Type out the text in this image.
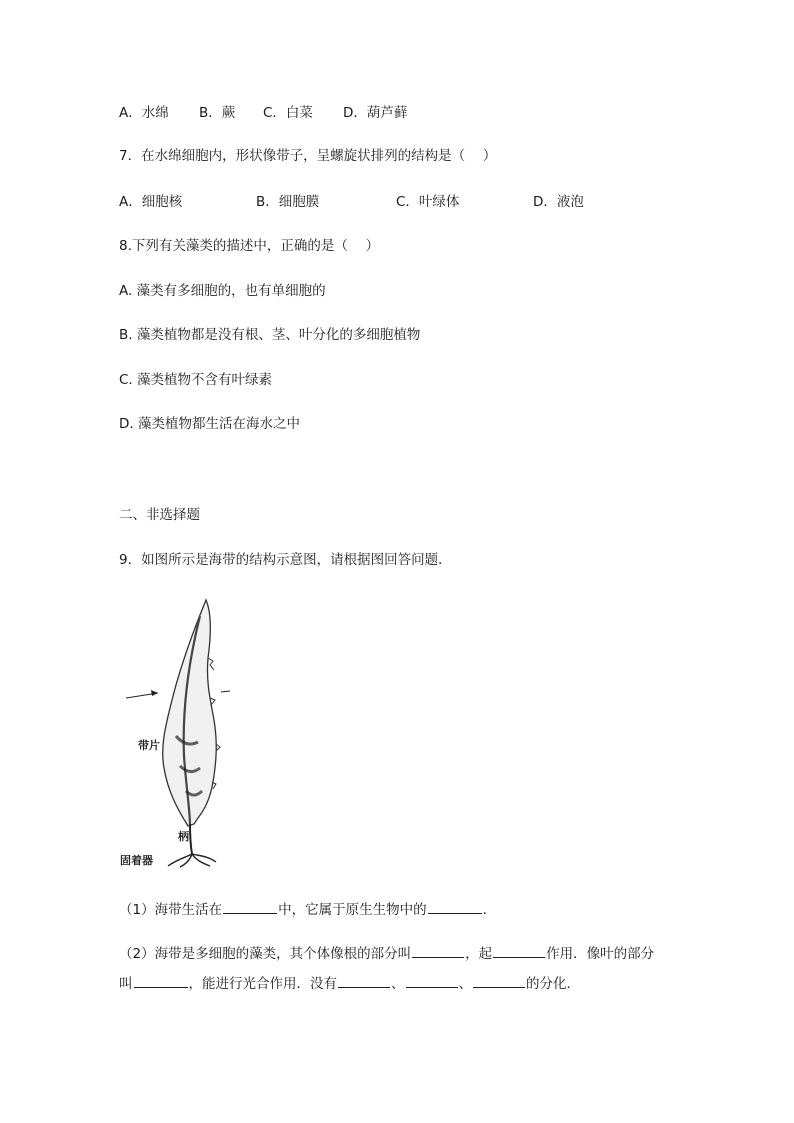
A．水绵 B．蕨 C．白菜 D．葫芦藓
7．在水绵细胞内，形状像带子，呈螺旋状排列的结构是（　 ）
A．细胞核	B．细胞膜	C．叶绿体	D．液泡
8.下列有关藻类的描述中，正确的是（　 ）
A. 藻类有多细胞的，也有单细胞的
B. 藻类植物都是没有根、茎、叶分化的多细胞植物
C. 藻类植物不含有叶绿素
D. 藻类植物都生活在海水之中
二、非选择题
9．如图所示是海带的结构示意图，请根据图回答问题．
带片
柄
固着器
（1）海带生活在	中，它属于原生生物中的	．
（2）海带是多细胞的藻类，其个体像根的部分叫	，起	作用．像叶的部分
叫	，能进行光合作用．没有	、	、	的分化．
